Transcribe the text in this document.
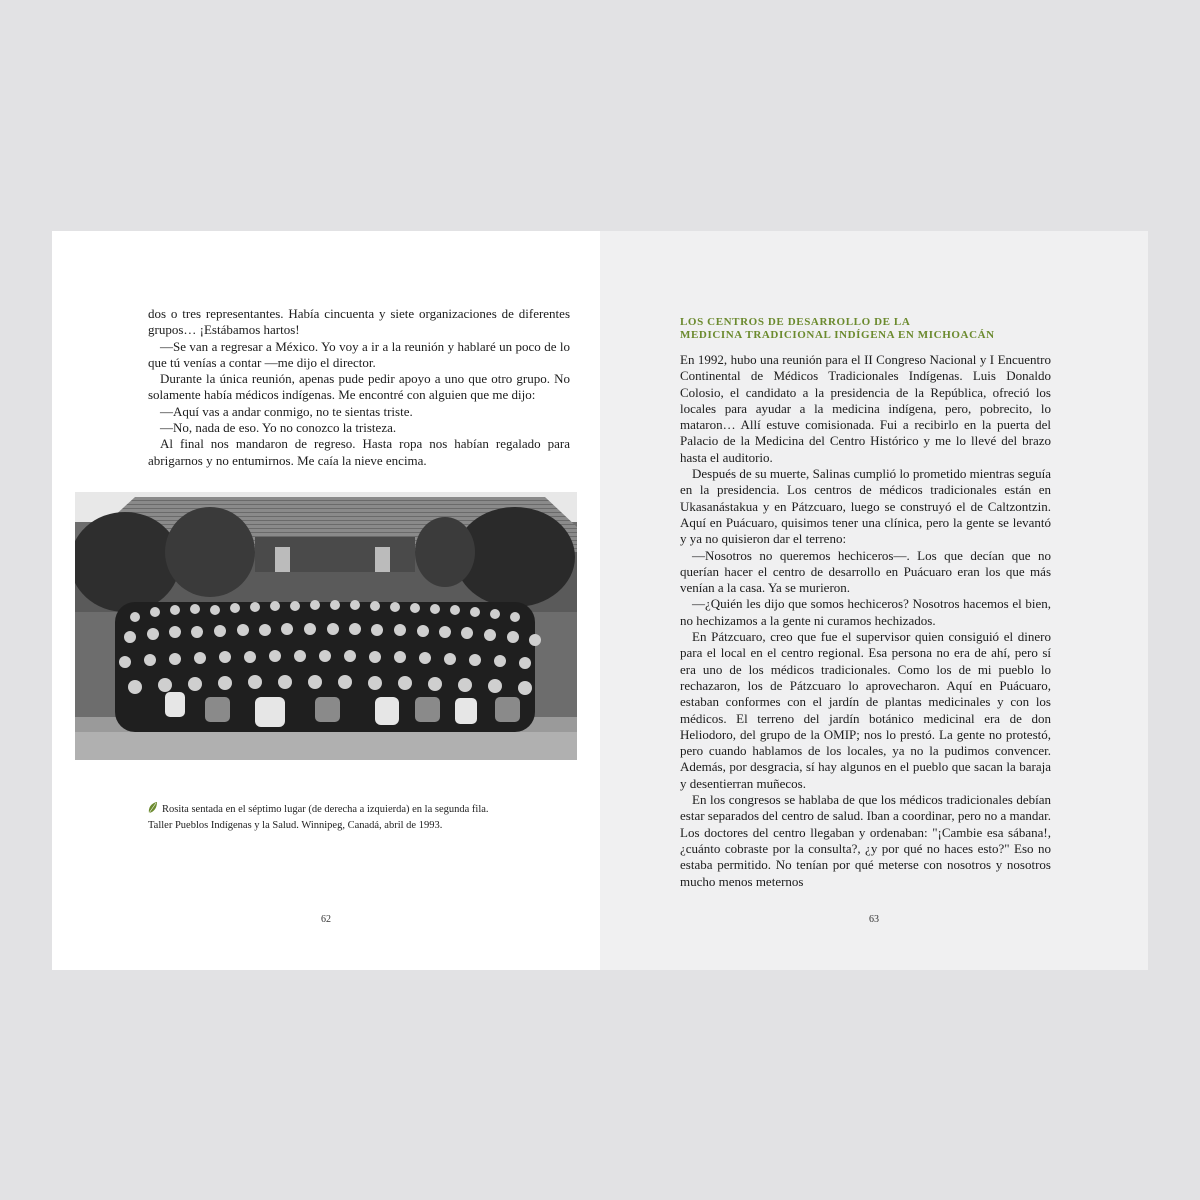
dos o tres representantes. Había cincuenta y siete organizaciones de diferentes grupos… ¡Estábamos hartos!

—Se van a regresar a México. Yo voy a ir a la reunión y hablaré un poco de lo que tú venías a contar —me dijo el director.

Durante la única reunión, apenas pude pedir apoyo a uno que otro grupo. No solamente había médicos indígenas. Me encontré con alguien que me dijo:

—Aquí vas a andar conmigo, no te sientas triste.

—No, nada de eso. Yo no conozco la tristeza.

Al final nos mandaron de regreso. Hasta ropa nos habían regalado para abrigarnos y no entumirnos. Me caía la nieve encima.

Rosita sentada en el séptimo lugar (de derecha a izquierda) en la segunda fila.
Taller Pueblos Indígenas y la Salud. Winnipeg, Canadá, abril de 1993.
62
LOS CENTROS DE DESARROLLO DE LA
MEDICINA TRADICIONAL INDÍGENA EN MICHOACÁN

En 1992, hubo una reunión para el II Congreso Nacional y I Encuentro Continental de Médicos Tradicionales Indígenas. Luis Donaldo Colosio, el candidato a la presidencia de la República, ofreció los locales para ayudar a la medicina indígena, pero, pobrecito, lo mataron… Allí estuve comisionada. Fui a recibirlo en la puerta del Palacio de la Medicina del Centro Histórico y me lo llevé del brazo hasta el auditorio.

Después de su muerte, Salinas cumplió lo prometido mientras seguía en la presidencia. Los centros de médicos tradicionales están en Ukasanástakua y en Pátzcuaro, luego se construyó el de Caltzontzin. Aquí en Puácuaro, quisimos tener una clínica, pero la gente se levantó y ya no quisieron dar el terreno:

—Nosotros no queremos hechiceros—. Los que decían que no querían hacer el centro de desarrollo en Puácuaro eran los que más venían a la casa. Ya se murieron.

—¿Quién les dijo que somos hechiceros? Nosotros hacemos el bien, no hechizamos a la gente ni curamos hechizados.

En Pátzcuaro, creo que fue el supervisor quien consiguió el dinero para el local en el centro regional. Esa persona no era de ahí, pero sí era uno de los médicos tradicionales. Como los de mi pueblo lo rechazaron, los de Pátzcuaro lo aprovecharon. Aquí en Puácuaro, estaban conformes con el jardín de plantas medicinales y con los médicos. El terreno del jardín botánico medicinal era de don Heliodoro, del grupo de la OMIP; nos lo prestó. La gente no protestó, pero cuando hablamos de los locales, ya no la pudimos convencer. Además, por desgracia, sí hay algunos en el pueblo que sacan la baraja y desentierran muñecos.

En los congresos se hablaba de que los médicos tradicionales debían estar separados del centro de salud. Iban a coordinar, pero no a mandar. Los doctores del centro llegaban y ordenaban: "¡Cambie esa sábana!, ¿cuánto cobraste por la consulta?, ¿y por qué no haces esto?" Eso no estaba permitido. No tenían por qué meterse con nosotros y nosotros mucho menos meternos

63
